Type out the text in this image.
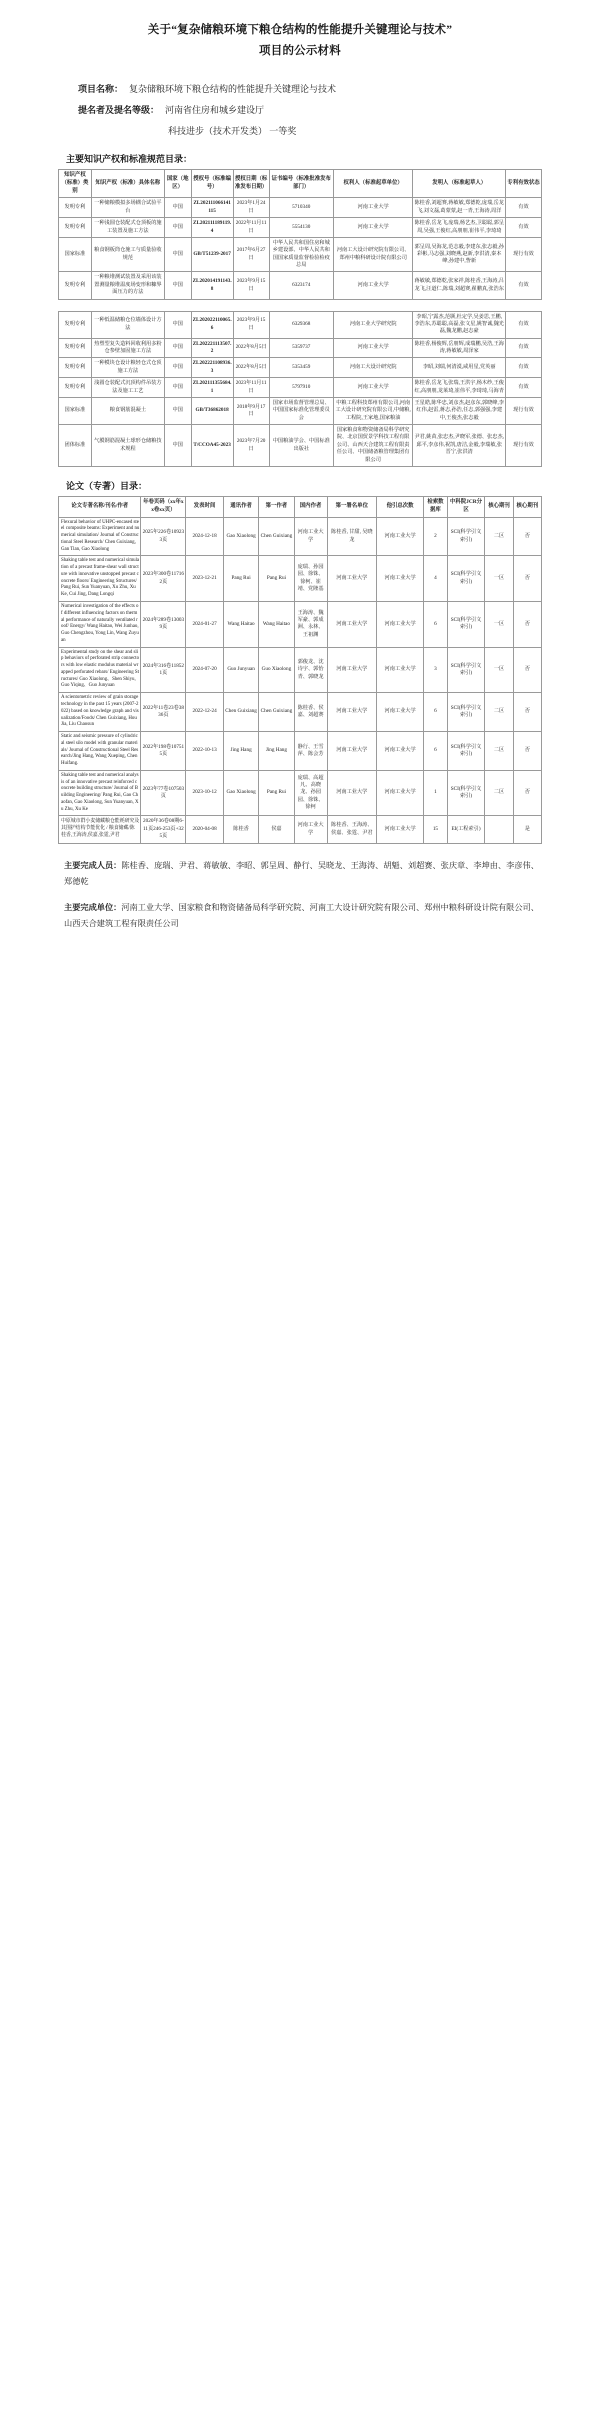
关于“复杂储粮环境下粮仓结构的性能提升关键理论与技术”
项目的公示材料
项目名称： 复杂储粮环境下粮仓结构的性能提升关键理论与技术
提名者及提名等级： 河南省住房和城乡建设厅
科技进步（技术开发类） 一等奖
主要知识产权和标准规范目录：
知识产权（标准）类别	知识产权（标准）具体名称	国家（地区）	授权号（标准编号）	授权日期（标准发布日期）	证书编号（标准批准发布部门）	权利人（标准起草单位）	发明人（标准起草人）	专利有效状态
发明专利	一种储粮模拟多场耦合试验平台	中国	ZL202111066141115	2023年1月24日	5710340	河南工业大学	陈桂香,刘超赛,蒋敏敏,郑德乾,庞瑞,岳龙飞,刘文磊,葛蒙蒙,赵一青,王海涛,周洋	有效
发明专利	一种浅圆仓装配式仓顶板的施工装置及施工方法	中国	ZL202111189119.4	2022年11月11日	5554130	河南工业大学	陈桂香,岳龙飞,庞瑞,杨艺杰,卫聪聪,郭呈周,吴强,王俊红,高朋朋,崔伟平,李琦琦	有效
国家标准	粮食钢板筒仓施工与质量验收规范	中国	GB/T51239-2017	2017年6月27日	中华人民共和国住房和城乡建设部、中华人民共和国国家质量监督检验检疫总局	河南工大设计研究院有限公司、郑州中粮科研设计院有限公司	郭呈周,吴海龙,范志毅,李建东,张志毅,孙彩彬,马志强,刘晓燕,赵新,李洪清,秦本峰,孙建中,訾新	现行有效
发明专利	一种粮堆测试装置及采用该装置测量粮堆温度场变形和糠界面压力的方法	中国	ZL202014191143.8	2023年9月15日	6323174	河南工业大学	蒋敏敏,郑德乾,张家祥,陈桂香,王海涛,吕龙飞,汪道仁,陈瑞,刘超赛,翟鹏真,张浩东	有效
发明专利	一种低温储粮仓位墙体设计方法	中国	ZL202022110065.6	2023年9月15日	6329368	河南工业大学研究院	李昭,宁露杰,范颢,杜定学,吴姜思,王鹏,李浩东,苏聪聪,高磊,张文星,姚智诚,魏光磊,魏龙鹏,赵志豪	有效
发明专利	热塑型复失造料回收利用多粉仓参壁加固施工方法	中国	ZL202221113507.2	2022年8月5日	5359737	河南工业大学	陈桂香,杨俊辉,岳朋辉,成瑞鹏,吴浩,王海涛,蒋敏敏,周泽家	有效
发明专利	一种模块仓设计粮轻仓式仓顶施工方法	中国	ZL202221108936.3	2022年8月5日	5353459	河南工大设计研究院	李昭,刘瑞,何清漠,咸用星,党英丽	有效
发明专利	浅圆仓装配式沉顶构件吊装方法及施工工艺	中国	ZL202111355684.1	2023年11月11日	5797910	河南工业大学	陈桂香,岳龙飞,张瑞,王洪宇,杨木纱,王俊红,高朋朋,龙莱琦,崔伟平,李琦琦,马海青	有效
国家标准	粮食钢筋混凝土	中国	GB/T36862018	2018年9月17日	国家市场监督管理总局、中国国家标准化管理委员会	中粮工程科技郑州有限公司,河南工大设计研究院有限公司,中储粮,工程院,王家地,国家粮油	王星皓,陈华忠,刘彦杰,赵彦东,郭晓峰,李红伟,赵雷,蒋志,孙浩,任志,郭强强,李建中,王俊杰,张志毅	现行有效
团体标准	气膜钢筋混凝土球形仓储粮技术规程	中国	T/CCOA45-2023	2023年7月20日	中国粮油学会、中国标准出版社	国家粮食和物资储备局科学研究院、北京国贸景学科技工程有限公司、山西天合建筑工程有限责任公司、中国储备粮管理集团有限公司	尹君,姚苗,张忠杰,尹晓军,张德、张忠杰,邱平,李彦伟,祝凯,唐洁,金毅,李瑞敏,张晋宁,张洪清	现行有效
论文（专著）目录：
论文专著名称/刊名/作者	年卷页码（xx年xx卷xx页）	发表时间	通讯作者	第一作者	国内作者	第一署名单位	他引总次数	检索数据库	中科院JCR分区	核心期刊	核心期刊
Flexural behavior of UHPC-encased steel composite beams: Experiment and numerical simulation/ Journal of Constructional Steel Research/ Chen Guixiang, Gan Tian, Gao Xiaolong	2025年226卷109233页	2024-12-18	Gao Xiaolong	Chen Guixiang	河南工业大学	陈桂香, 甘甜, 吴晓龙	河南工业大学	2	SCI(科学引文索引)	二区	否
Shaking table test and numerical simulation of a precast frame-shear wall structure with innovative unstopped precast concrete floors/ Engineering Structures/ Pang Rui, Sun Yuanyuan, Xu Zhu, Xu Ke, Cui Jing, Dang Longqi	2023年300卷117162页	2023-12-21	Pang Rui	Pang Rui	庞瑞、孙园园、徐铢、徐柯、崔靖、党隆基	河南工业大学	河南工业大学	4	SCI(科学引文索引)	一区	否
Numerical investigation of the effects of different influencing factors on thermal performance of naturally ventilated roof/ Energy/ Wang Haitao, Wei Junhao, Guo Chengzhou, Yong Lin, Wang Zuyuan	2024年289卷130039页	2024-01-27	Wang Haitao	Wang Haitao	王海涛、魏军豪、郭成洲、永林、王祖渊	河南工业大学	河南工业大学	6	SCI(科学引文索引)	一区	否
Experimental study on the shear and slip behaviors of perforated strip connectors with low elastic modulus material wrapped perforated rebars/ Engineering Structures/ Guo Xiaolong、Shen Shiyu, Guo Yiqing、Guo Junyuan	2024年316卷118521页	2024-07-20	Guo Junyuan	Guo Xiaolong	郭俊龙、沈诗宇、郭怡青、郭晓龙	河南工业大学	河南工业大学	3	SCI(科学引文索引)	一区	否
A scientometric review of grain storage technology in the past 15 years (2007-2022) based on knowledge graph and visualization/Foods/ Chen Guixiang, Hou Jia, Liu Chaosun	2022年11卷23卷3836页	2022-12-24	Chen Guixiang	Chen Guixiang	陈桂香、侯嘉、刘超赛	河南工业大学	河南工业大学	6	SCI(科学引文索引)	二区	否
Static and seismic pressure of cylindrical steel silo model with granular materials/ Journal of Constructional Steel Research/Jing Hang, Wang Xueping, Chen Huifang.	2022年198卷107515页	2022-10-13	Jing Hang	Jing Hang	静行、王雪萍、陈会芳	河南工业大学	河南工业大学	6	SCI(科学引文索引)	二区	否
Shaking table test and numerical analysis of an innovative precast reinforced concrete building structure/ Journal of Building Engineering/ Pang Rui, Gao Chaofan, Gao Xiaolong, Sun Yuanyuan, Xu Zhu, Xu Ke	2023年77卷107503页	2023-10-12	Gao Xiaolong	Pang Rui	庞瑞、高超凡、高晓龙、孙园园、徐铢、徐柯	河南工业大学	河南工业大学	1	SCI(科学引文索引)	二区	否
中原城市群小麦储藏粮仓能耗研究及其围护结构节能优化 / 粮食储藏/陈桂香,王海涛,侯嘉,张霆,尹君	2020年36卷08期6-11页246-253页+325页	2020-04-08	陈桂香	侯嘉	河南工业大学	陈桂香、王海涛、侯嘉、张霆、尹君	河南工业大学	15	EI(工程索引)		是

主要完成人员：陈桂香、庞瑞、尹君、蒋敏敏、李昭、郭呈周、静行、吴晓龙、王海涛、胡魁、刘超赛、张庆章、李坤由、李彦伟、郑德乾

主要完成单位：河南工业大学、国家粮食和物资储备局科学研究院、河南工大设计研究院有限公司、郑州中粮科研设计院有限公司、山西天合建筑工程有限责任公司
